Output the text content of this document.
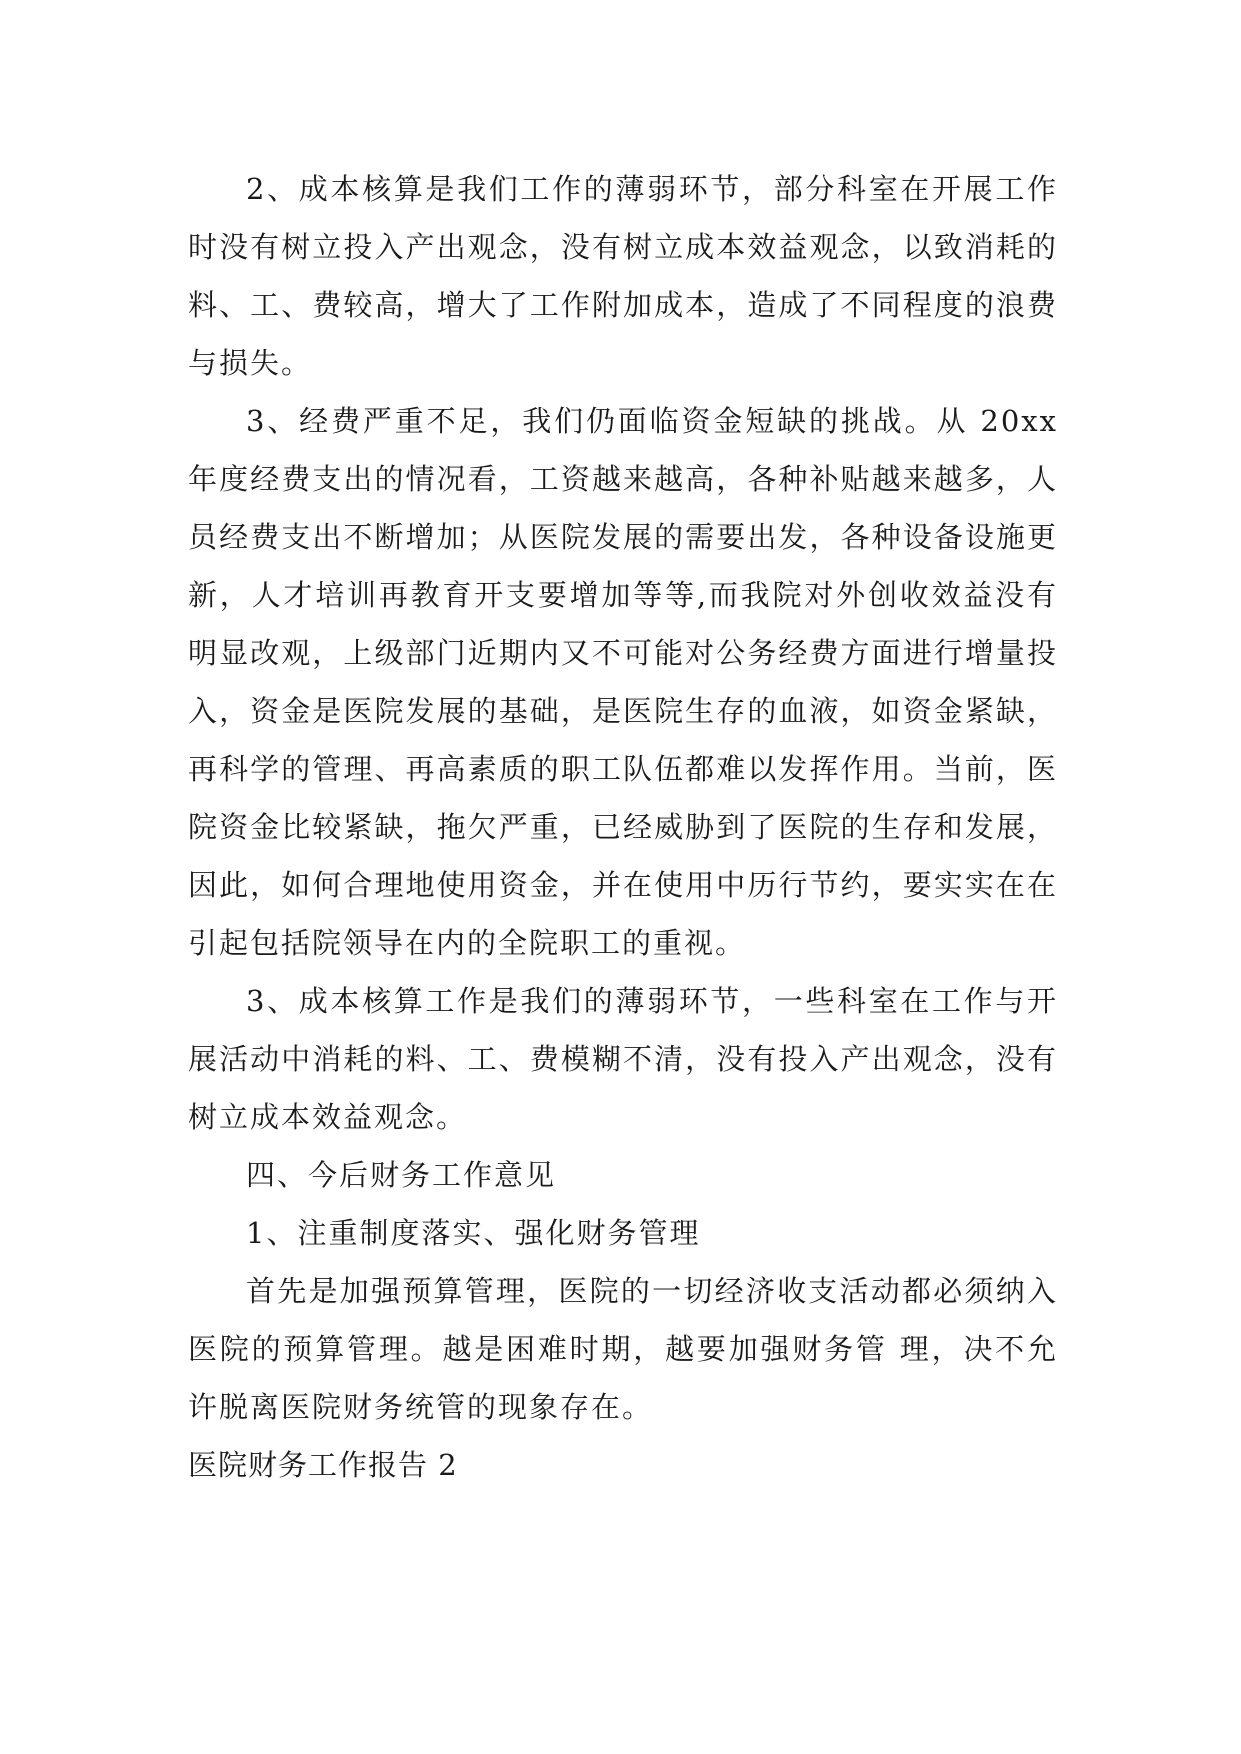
2、成本核算是我们工作的薄弱环节，部分科室在开展工作时没有树立投入产出观念，没有树立成本效益观念，以致消耗的料、工、费较高，增大了工作附加成本，造成了不同程度的浪费与损失。

3、经费严重不足，我们仍面临资金短缺的挑战。从 20xx 年度经费支出的情况看，工资越来越高，各种补贴越来越多，人员经费支出不断增加；从医院发展的需要出发，各种设备设施更新，人才培训再教育开支要增加等等,而我院对外创收效益没有明显改观，上级部门近期内又不可能对公务经费方面进行增量投入，资金是医院发展的基础，是医院生存的血液，如资金紧缺，再科学的管理、再高素质的职工队伍都难以发挥作用。当前，医院资金比较紧缺，拖欠严重，已经威胁到了医院的生存和发展，因此，如何合理地使用资金，并在使用中历行节约，要实实在在引起包括院领导在内的全院职工的重视。

3、成本核算工作是我们的薄弱环节，一些科室在工作与开展活动中消耗的料、工、费模糊不清，没有投入产出观念，没有树立成本效益观念。

四、今后财务工作意见

1、注重制度落实、强化财务管理

首先是加强预算管理，医院的一切经济收支活动都必须纳入医院的预算管理。越是困难时期，越要加强财务管 理，决不允许脱离医院财务统管的现象存在。

医院财务工作报告 2
